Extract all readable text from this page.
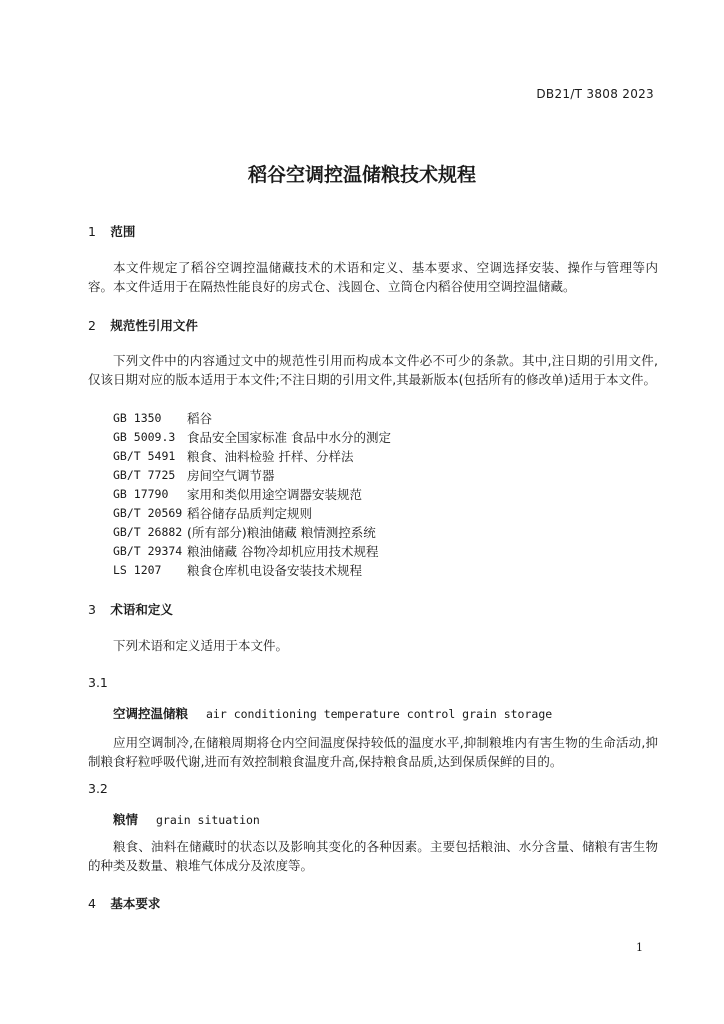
DB21/T 3808 2023
稻谷空调控温储粮技术规程
1 范围
本文件规定了稻谷空调控温储藏技术的术语和定义、基本要求、空调选择安装、操作与管理等内容。 本文件适用于在隔热性能良好的房式仓、浅圆仓、立筒仓内稻谷使用空调控温储藏。
2 规范性引用文件
下列文件中的内容通过文中的规范性引用而构成本文件必不可少的条款。其中,注日期的引用文件,仅该日期对应的版本适用于本文件;不注日期的引用文件,其最新版本(包括所有的修改单)适用于本文件。
GB 1350	稻谷
GB 5009.3 食品安全国家标准 食品中水分的测定
GB/T 5491 粮食、油料检验 扦样、分样法
GB/T 7725 房间空气调节器
GB 17790	家用和类似用途空调器安装规范
GB/T 20569 稻谷储存品质判定规则
GB/T 26882 (所有部分)粮油储藏 粮情测控系统
GB/T 29374 粮油储藏 谷物冷却机应用技术规程
LS 1207	粮食仓库机电设备安装技术规程
3 术语和定义
下列术语和定义适用于本文件。
3.1
空调控温储粮 air conditioning temperature control grain storage
应用空调制冷,在储粮周期将仓内空间温度保持较低的温度水平,抑制粮堆内有害生物的生命活动,抑制粮食籽粒呼吸代谢,进而有效控制粮食温度升高,保持粮食品质,达到保质保鲜的目的。
3.2
粮情 grain situation
粮食、油料在储藏时的状态以及影响其变化的各种因素。主要包括粮油、水分含量、储粮有害生物的种类及数量、粮堆气体成分及浓度等。
4 基本要求
1
